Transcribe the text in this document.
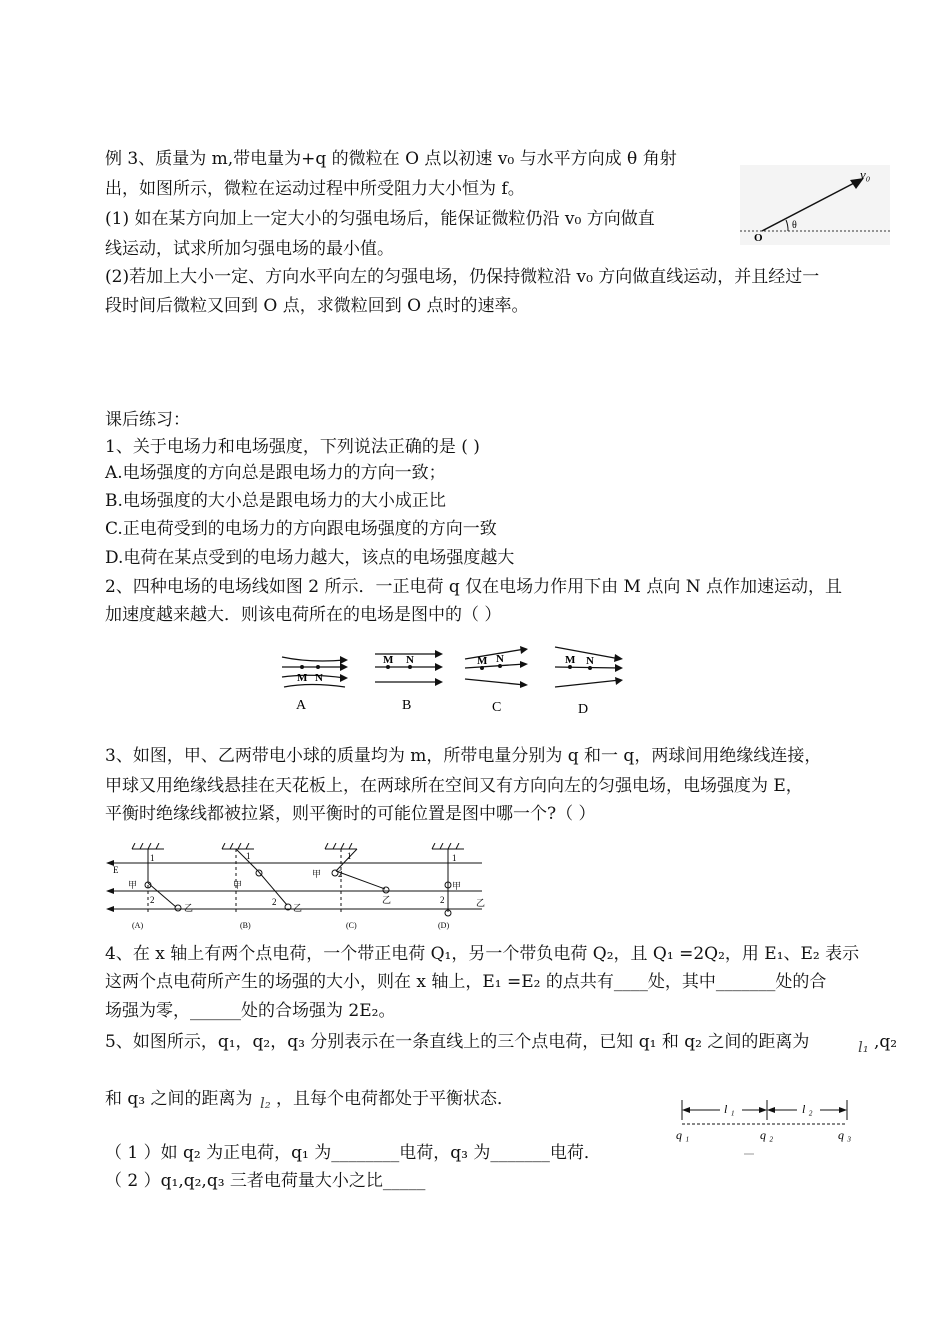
例 3、质量为 m,带电量为+q 的微粒在 O 点以初速 v₀ 与水平方向成 θ 角射
出，如图所示，微粒在运动过程中所受阻力大小恒为 f。
(1) 如在某方向加上一定大小的匀强电场后，能保证微粒仍沿 v₀ 方向做直
线运动，试求所加匀强电场的最小值。
(2)若加上大小一定、方向水平向左的匀强电场，仍保持微粒沿 v₀ 方向做直线运动，并且经过一
段时间后微粒又回到 O 点，求微粒回到 O 点时的速率。
v₀
O
θ
课后练习：
1、关于电场力和电场强度，下列说法正确的是 ( )
A.电场强度的方向总是跟电场力的方向一致；
B.电场强度的大小总是跟电场力的大小成正比
C.正电荷受到的电场力的方向跟电场强度的方向一致
D.电荷在某点受到的电场力越大，该点的电场强度越大
2、四种电场的电场线如图 2 所示．一正电荷 q 仅在电场力作用下由 M 点向 N 点作加速运动，且
加速度越来越大．则该电荷所在的电场是图中的（ ）
M N
M N	M N	M N
A	B	C	D
3、如图，甲、乙两带电小球的质量均为 m，所带电量分别为 q 和一 q，两球间用绝缘线连接，
甲球又用绝缘线悬挂在天花板上，在两球所在空间又有方向向左的匀强电场，电场强度为 E，
平衡时绝缘线都被拉紧，则平衡时的可能位置是图中哪一个?（ ）
E
乙
甲
1
2
乙
甲
1
2
乙
甲 2
1
乙
1
甲
2
(A)	(B)	(C)	(D)
4、在 x 轴上有两个点电荷，一个带正电荷 Q₁，另一个带负电荷 Q₂，且 Q₁ =2Q₂，用 E₁、E₂ 表示
这两个点电荷所产生的场强的大小，则在 x 轴上，E₁ =E₂ 的点共有____处，其中_______处的合
场强为零，______处的合场强为 2E₂。
5、如图所示，q₁，q₂，q₃ 分别表示在一条直线上的三个点电荷，已知 q₁ 和 q₂ 之间的距离为	l₁ ,q₂
和 q₃ 之间的距离为 l₂ ，且每个电荷都处于平衡状态．	l ₁	l ₂
q ₁	q ₂	q ₃
（ 1 ）如 q₂ 为正电荷，q₁ 为________电荷，q₃ 为_______电荷．
（ 2 ）q₁,q₂,q₃ 三者电荷量大小之比_____
